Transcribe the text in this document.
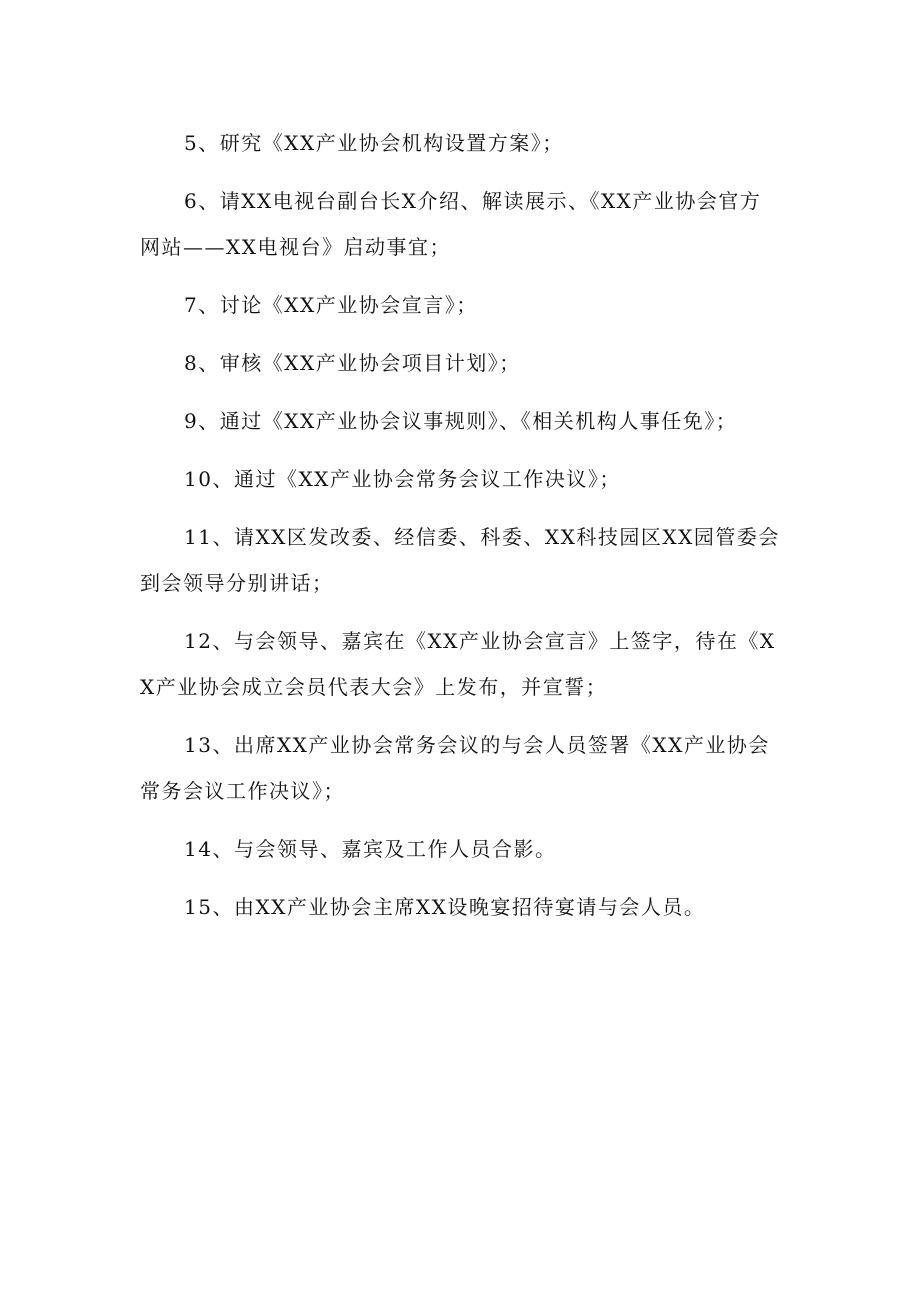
5、研究《XX产业协会机构设置方案》；

6、请XX电视台副台长X介绍、解读展示、《XX产业协会官方网站——XX电视台》启动事宜；

7、讨论《XX产业协会宣言》；

8、审核《XX产业协会项目计划》；

9、通过《XX产业协会议事规则》、《相关机构人事任免》；

10、通过《XX产业协会常务会议工作决议》；

11、请XX区发改委、经信委、科委、XX科技园区XX园管委会到会领导分别讲话；

12、与会领导、嘉宾在《XX产业协会宣言》上签字，待在《XX产业协会成立会员代表大会》上发布，并宣誓；

13、出席XX产业协会常务会议的与会人员签署《XX产业协会常务会议工作决议》；

14、与会领导、嘉宾及工作人员合影。

15、由XX产业协会主席XX设晚宴招待宴请与会人员。
